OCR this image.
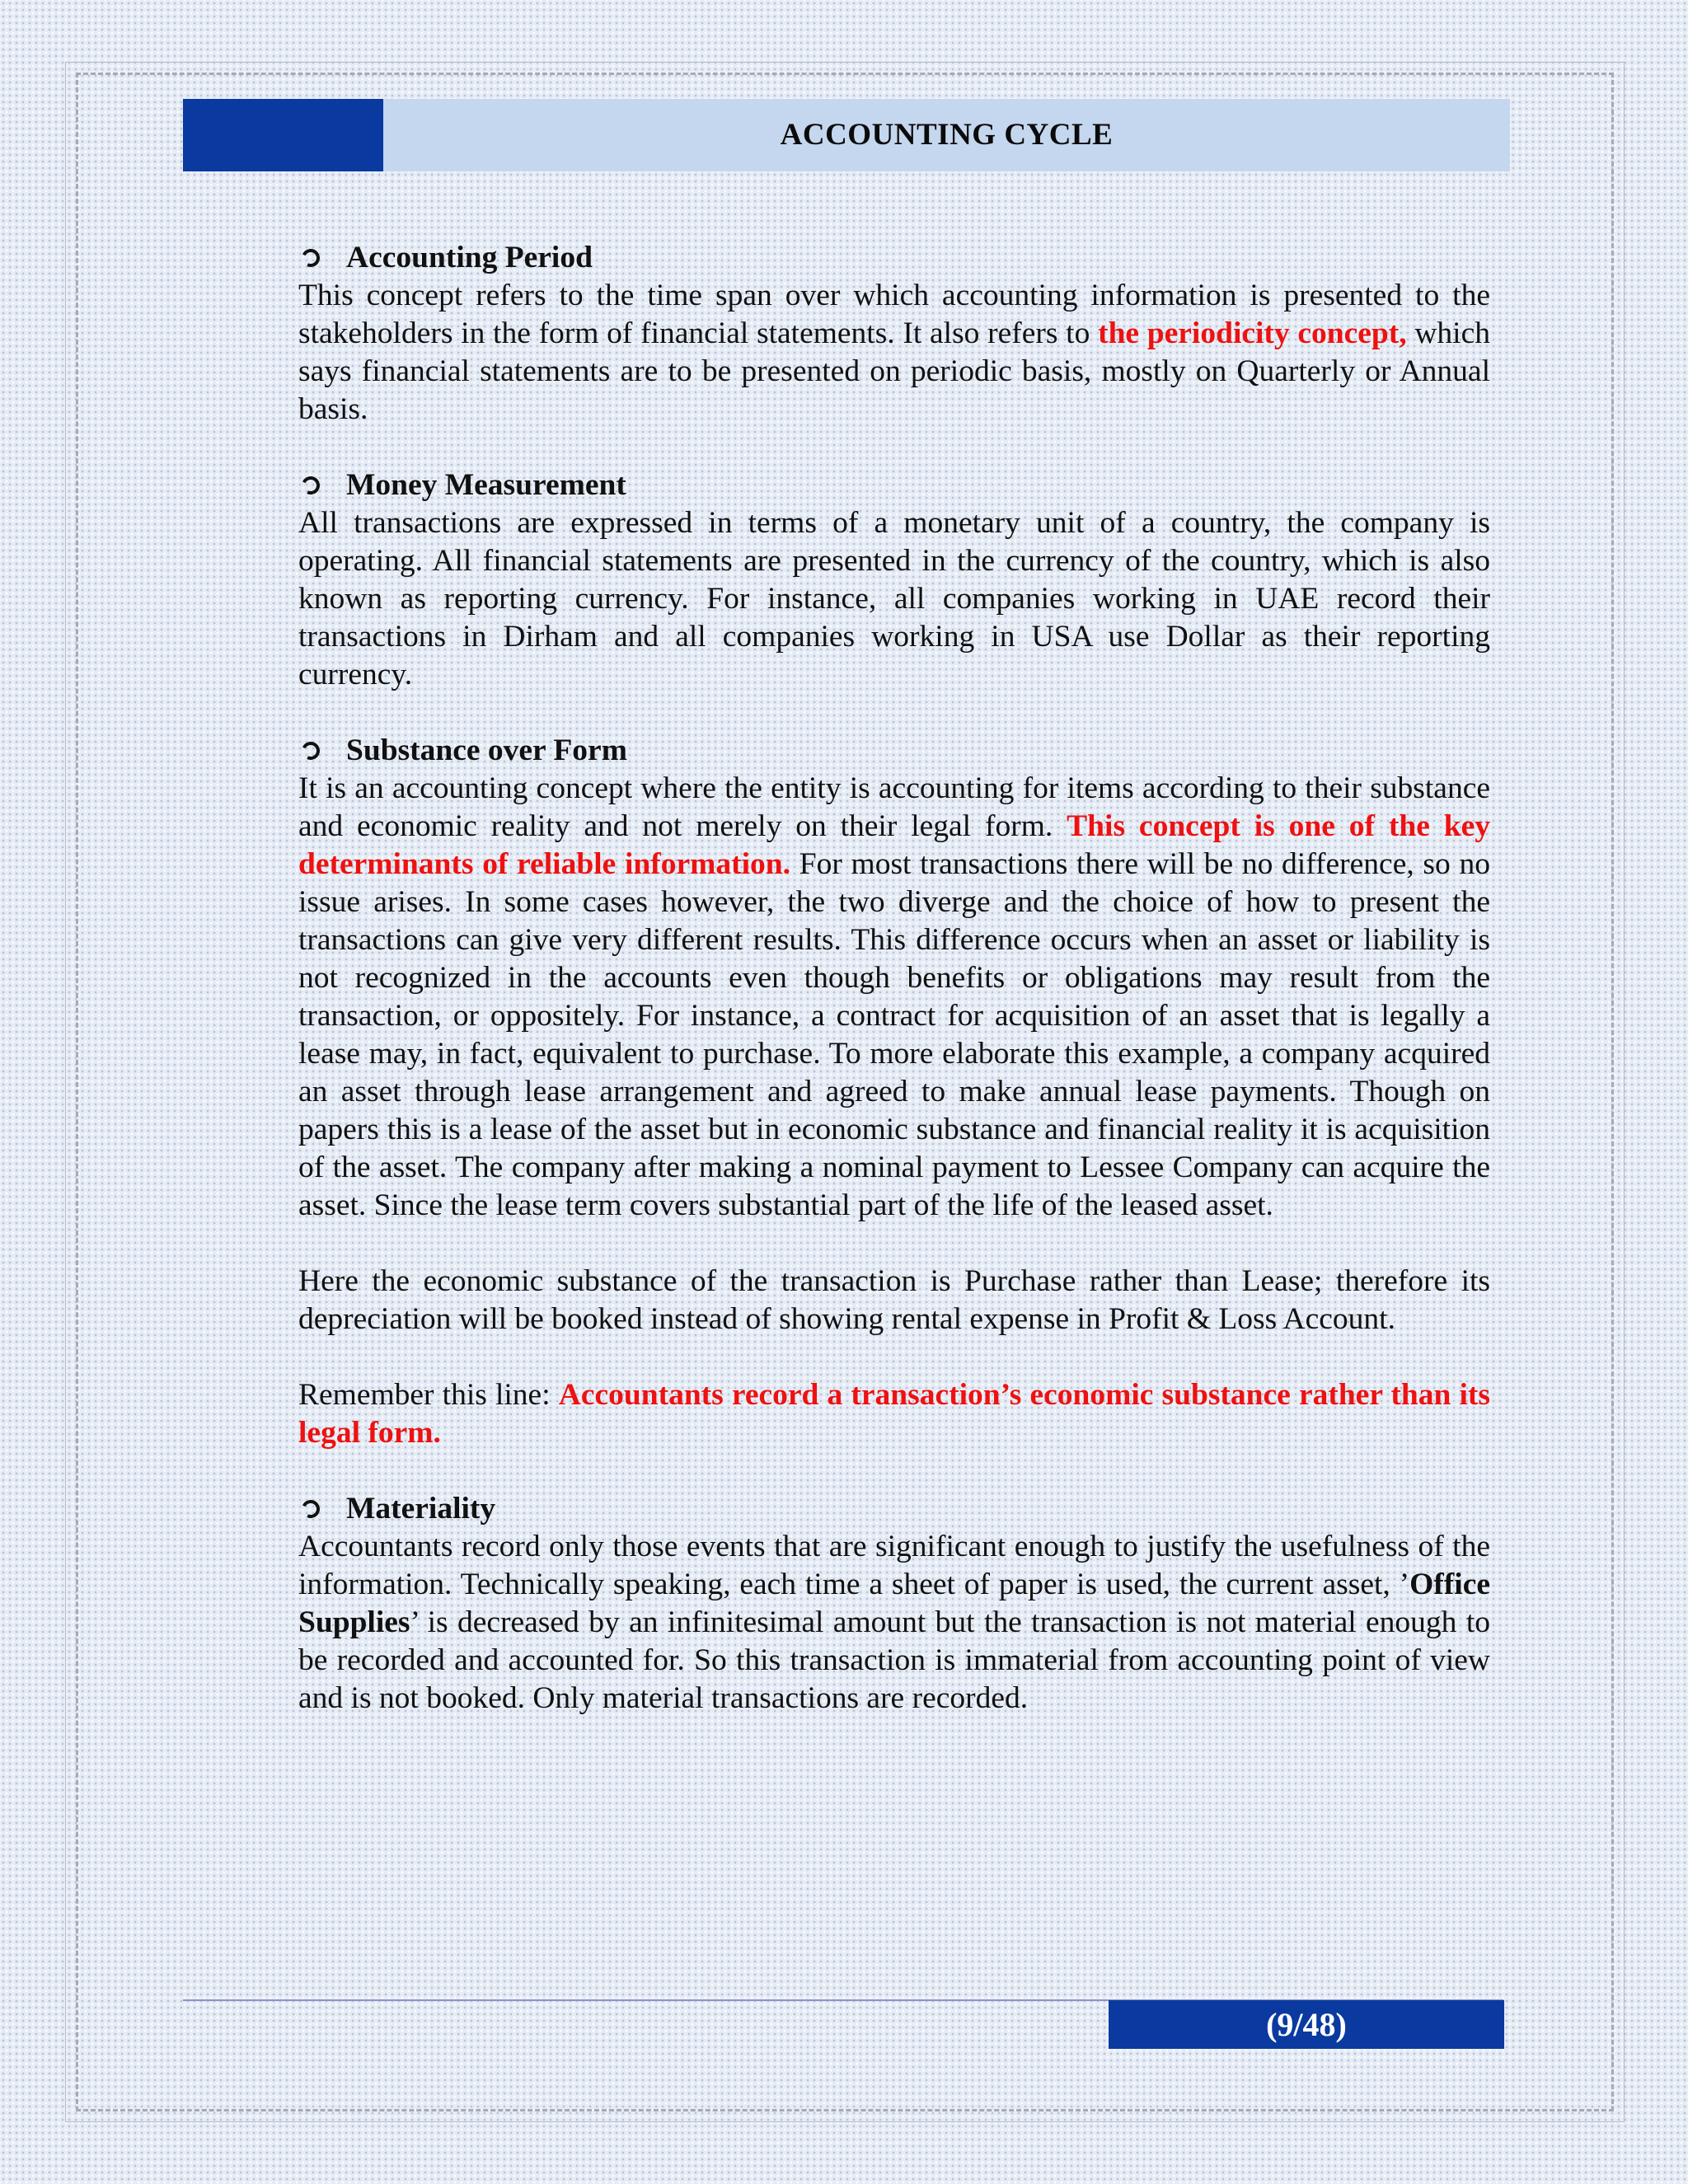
ACCOUNTING CYCLE
Accounting Period

This concept refers to the time span over which accounting information is presented to the stakeholders in the form of financial statements. It also refers to the periodicity concept, which says financial statements are to be presented on periodic basis, mostly on Quarterly or Annual basis.

Money Measurement

All transactions are expressed in terms of a monetary unit of a country, the company is operating. All financial statements are presented in the currency of the country, which is also known as reporting currency. For instance, all companies working in UAE record their transactions in Dirham and all companies working in USA use Dollar as their reporting currency.

Substance over Form

It is an accounting concept where the entity is accounting for items according to their substance and economic reality and not merely on their legal form. This concept is one of the key determinants of reliable information. For most transactions there will be no difference, so no issue arises. In some cases however, the two diverge and the choice of how to present the transactions can give very different results. This difference occurs when an asset or liability is not recognized in the accounts even though benefits or obligations may result from the transaction, or oppositely. For instance, a contract for acquisition of an asset that is legally a lease may, in fact, equivalent to purchase. To more elaborate this example, a company acquired an asset through lease arrangement and agreed to make annual lease payments. Though on papers this is a lease of the asset but in economic substance and financial reality it is acquisition of the asset. The company after making a nominal payment to Lessee Company can acquire the asset. Since the lease term covers substantial part of the life of the leased asset.

Here the economic substance of the transaction is Purchase rather than Lease; therefore its depreciation will be booked instead of showing rental expense in Profit & Loss Account.

Remember this line: Accountants record a transaction’s economic substance rather than its legal form.

Materiality

Accountants record only those events that are significant enough to justify the usefulness of the information. Technically speaking, each time a sheet of paper is used, the current asset, ’Office Supplies’ is decreased by an infinitesimal amount but the transaction is not material enough to be recorded and accounted for. So this transaction is immaterial from accounting point of view and is not booked. Only material transactions are recorded.

(9/48)
